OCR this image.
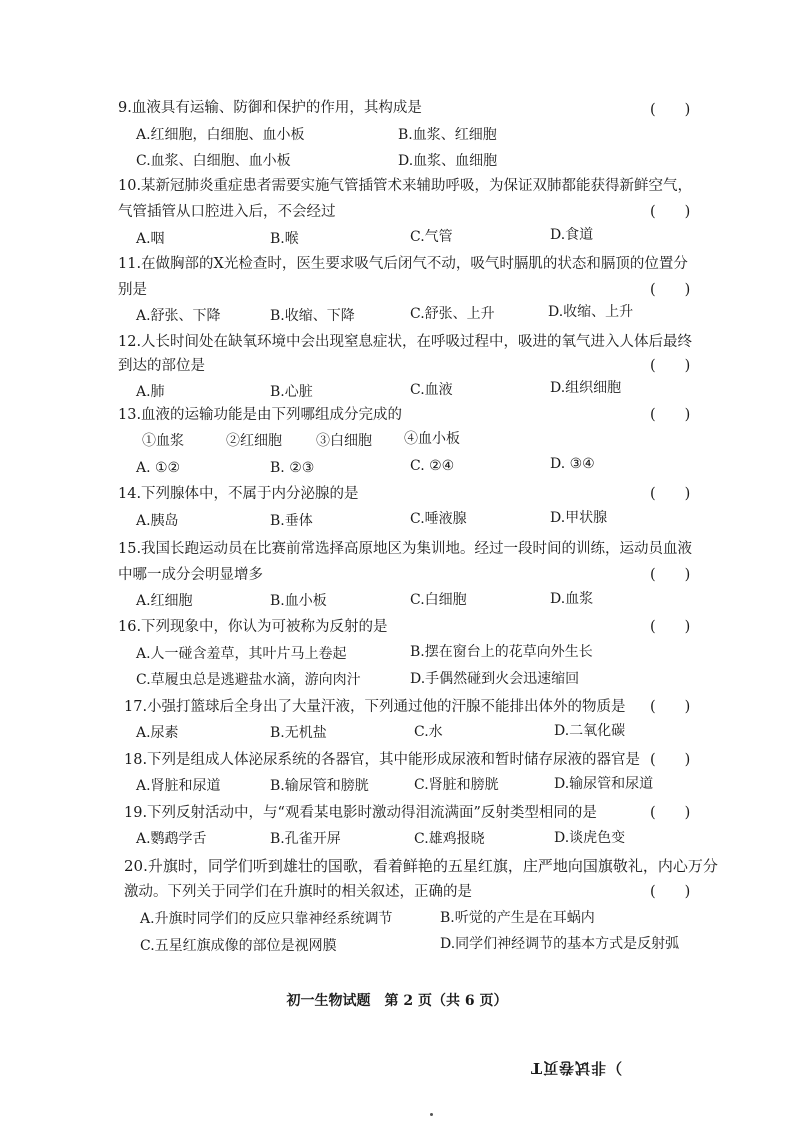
9.血液具有运输、防御和保护的作用，其构成是	(　　)
A.红细胞，白细胞、血小板	B.血浆、红细胞
C.血浆、白细胞、血小板	D.血浆、血细胞
10.某新冠肺炎重症患者需要实施气管插管术来辅助呼吸，为保证双肺都能获得新鲜空气，
气管插管从口腔进入后，不会经过	(　　)
A.咽	B.喉	C.气管	D.食道
11.在做胸部的X光检查时，医生要求吸气后闭气不动，吸气时膈肌的状态和膈顶的位置分
别是	(　　)
A.舒张、下降	B.收缩、下降	C.舒张、上升	D.收缩、上升
12.人长时间处在缺氧环境中会出现窒息症状，在呼吸过程中，吸进的氧气进入人体后最终
到达的部位是	(　　)
A.肺	B.心脏	C.血液	D.组织细胞
13.血液的运输功能是由下列哪组成分完成的	(　　)
①血浆	②红细胞 ③白细胞 ④血小板
A. ①②	B. ②③	C. ②④	D. ③④
14.下列腺体中，不属于内分泌腺的是	(　　)
A.胰岛	B.垂体	C.唾液腺	D.甲状腺
15.我国长跑运动员在比赛前常选择高原地区为集训地。经过一段时间的训练，运动员血液
中哪一成分会明显增多	(　　)
A.红细胞	B.血小板	C.白细胞	D.血浆
16.下列现象中，你认为可被称为反射的是	(　　)
A.人一碰含羞草，其叶片马上卷起	B.摆在窗台上的花草向外生长
C.草履虫总是逃避盐水滴，游向肉汁	D.手偶然碰到火会迅速缩回
17.小强打篮球后全身出了大量汗液，下列通过他的汗腺不能排出体外的物质是 (　　)
A.尿素	B.无机盐	C.水	D.二氧化碳
18.下列是组成人体泌尿系统的各器官，其中能形成尿液和暂时储存尿液的器官是 (　　)
A.肾脏和尿道	B.输尿管和膀胱	C.肾脏和膀胱	D.输尿管和尿道
19.下列反射活动中，与“观看某电影时激动得泪流满面”反射类型相同的是	(　　)
A.鹦鹉学舌	B.孔雀开屏	C.雄鸡报晓	D.谈虎色变
20.升旗时，同学们听到雄壮的国歌，看着鲜艳的五星红旗，庄严地向国旗敬礼，内心万分
激动。下列关于同学们在升旗时的相关叙述，正确的是	(　　)
A.升旗时同学们的反应只靠神经系统调节	B.听觉的产生是在耳蜗内
C.五星红旗成像的部位是视网膜	D.同学们神经调节的基本方式是反射弧
初一生物试题　第 2 页（共 6 页）
）非试卷页T
